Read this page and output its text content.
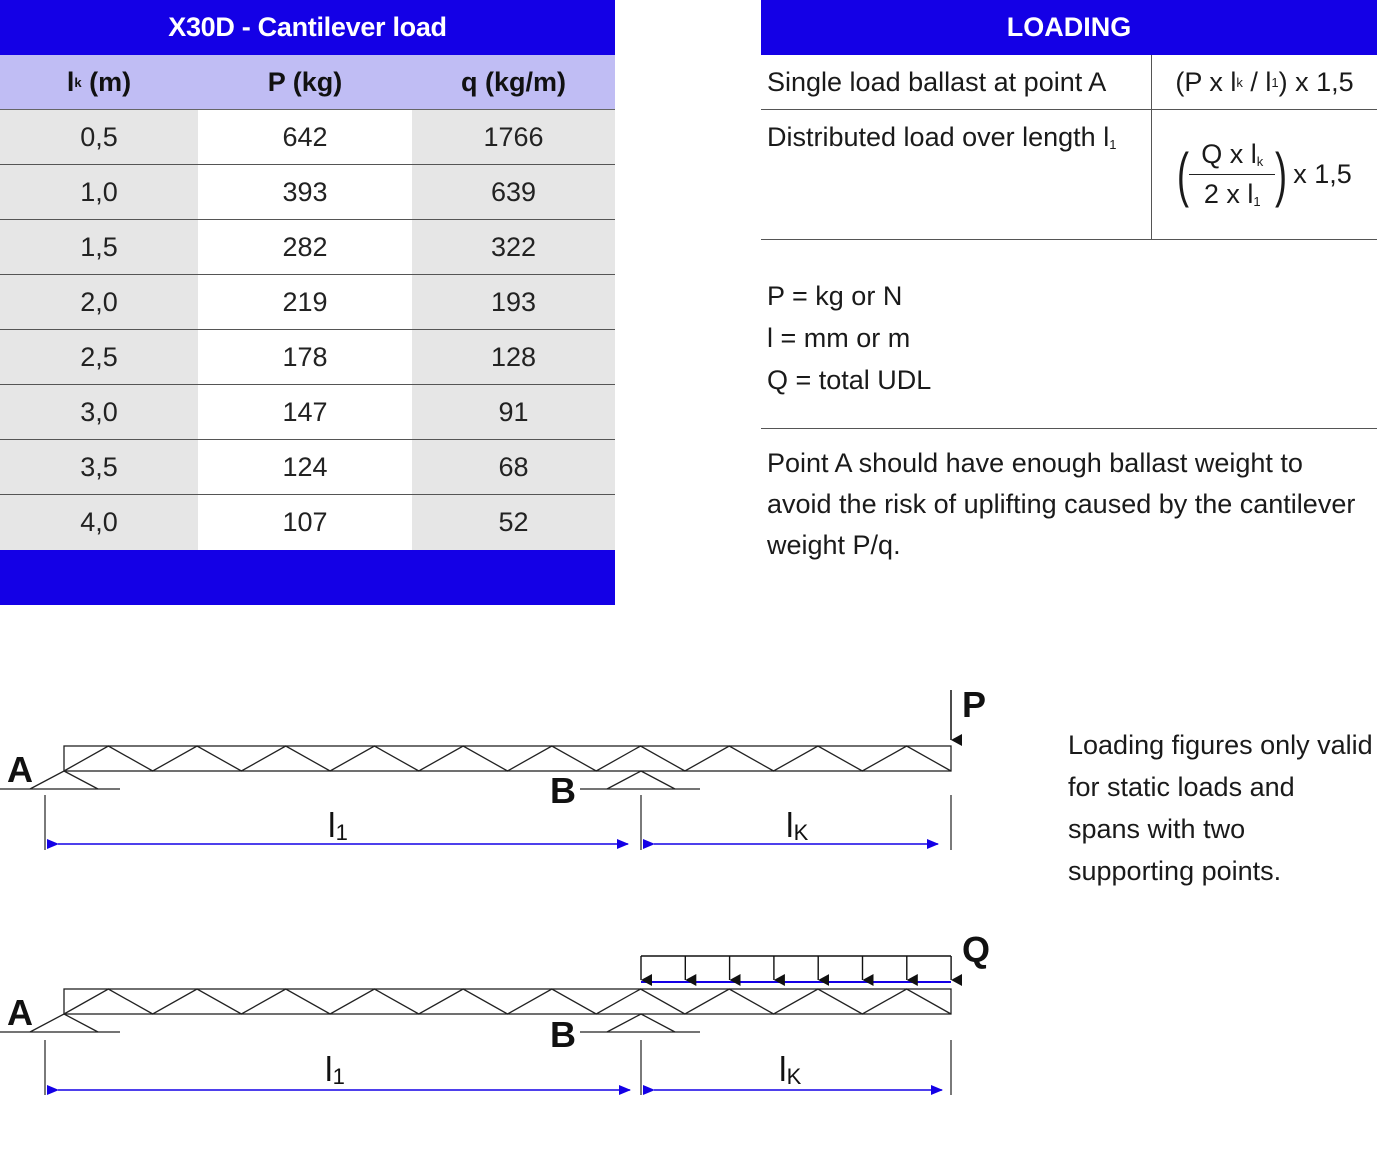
X30D - Cantilever load
l k (m)	P (kg)	q (kg/m)
0,5	642	1766
1,0	393	639
1,5	282	322
2,0	219	193
2,5	178	128
3,0	147	91
3,5	124	68
4,0	107	52
LOADING
Single load ballast at point A	(P x l k / l 1 ) x 1,5
Distributed load over length $l_1$	( $\frac{Q x l_k}{2 x l_1}$ ) x 1,5
P = kg or N
l = mm or m
Q = total UDL
Point A should have enough ballast weight to avoid the risk of uplifting caused by the cantilever weight P/q.
Loading figures only valid for static loads and spans with two supporting points.
A
B
P
l1	lK
A
B
Q
l1	lK
